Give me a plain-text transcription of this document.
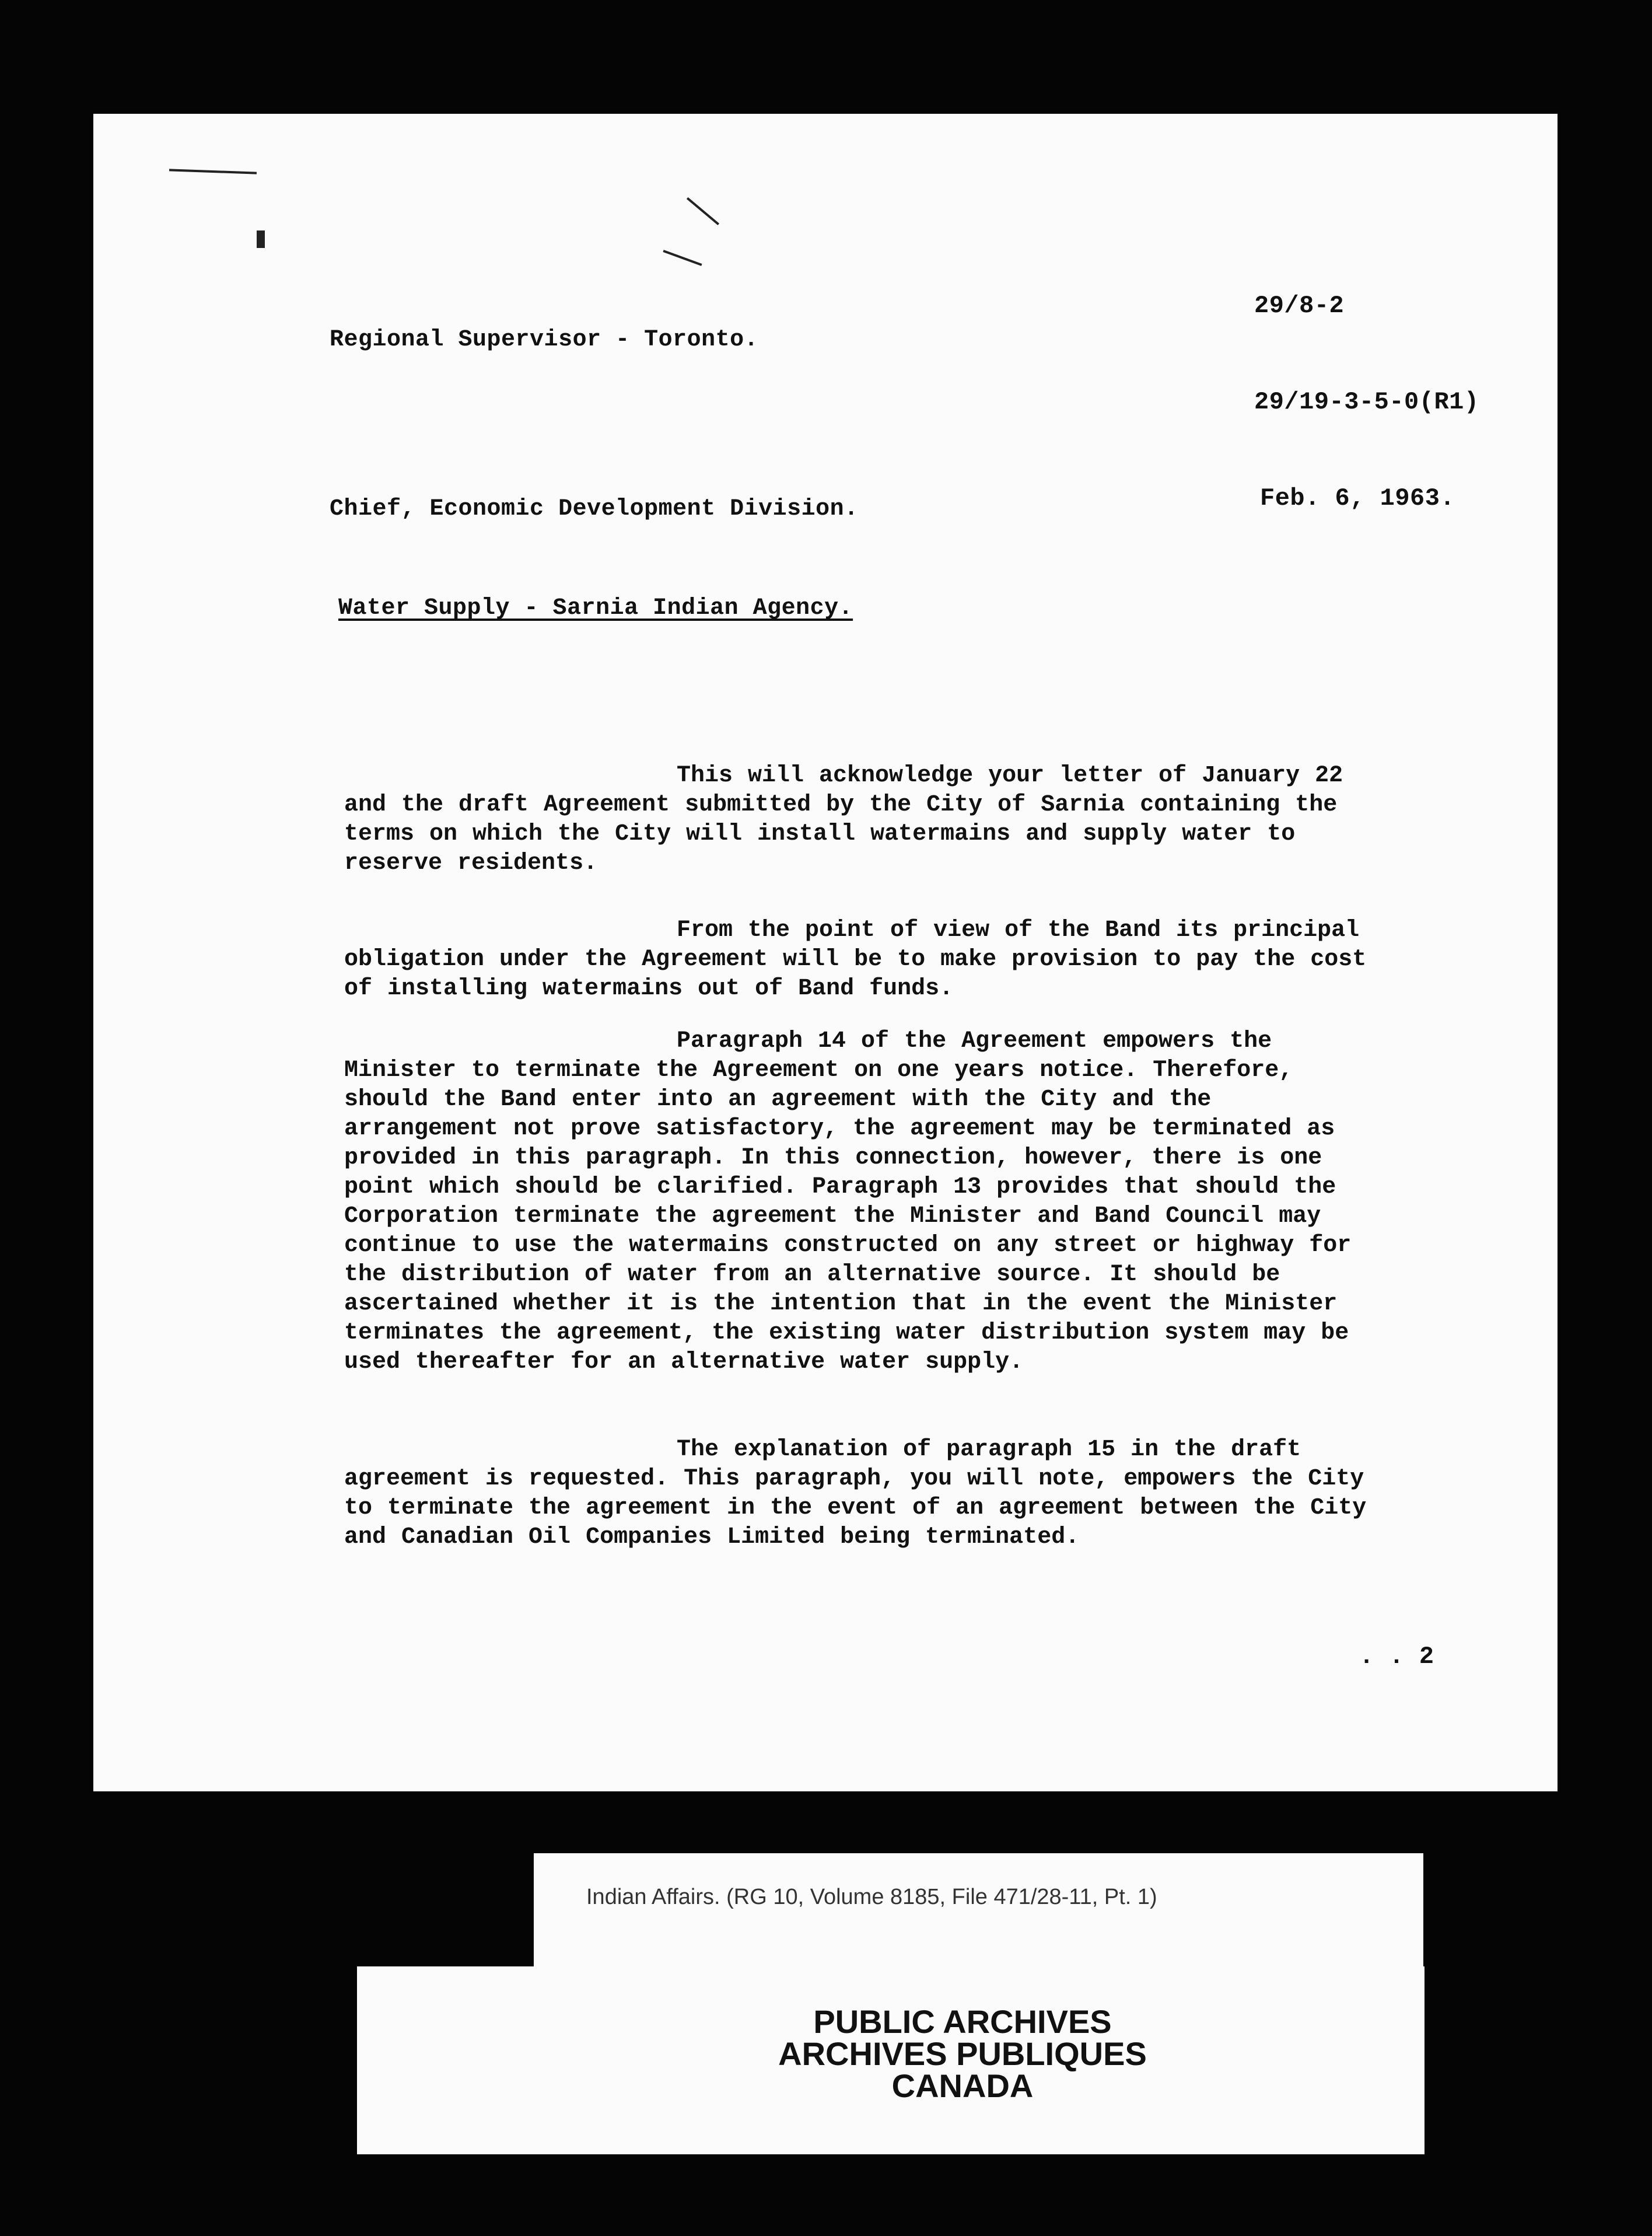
Regional Supervisor - Toronto.
29/8-2
29/19-3-5-0(R1)
Chief, Economic Development Division.	Feb. 6, 1963.
Water Supply - Sarnia Indian Agency.
This will acknowledge your letter of January 22 and the draft Agreement submitted by the City of Sarnia containing the terms on which the City will install watermains and supply water to reserve residents.
From the point of view of the Band its principal obligation under the Agreement will be to make provision to pay the cost of installing watermains out of Band funds.
Paragraph 14 of the Agreement empowers the Minister to terminate the Agreement on one years notice. Therefore, should the Band enter into an agreement with the City and the arrangement not prove satisfactory, the agreement may be terminated as provided in this paragraph. In this connection, however, there is one point which should be clarified. Paragraph 13 provides that should the Corporation terminate the agreement the Minister and Band Council may continue to use the watermains constructed on any street or highway for the distribution of water from an alternative source. It should be ascertained whether it is the intention that in the event the Minister terminates the agreement, the existing water distribution system may be used thereafter for an alternative water supply.
The explanation of paragraph 15 in the draft agreement is requested. This paragraph, you will note, empowers the City to terminate the agreement in the event of an agreement between the City and Canadian Oil Companies Limited being terminated.
. . 2
Indian Affairs. (RG 10, Volume 8185, File 471/28-11, Pt. 1)
PUBLIC ARCHIVES
ARCHIVES PUBLIQUES
CANADA
